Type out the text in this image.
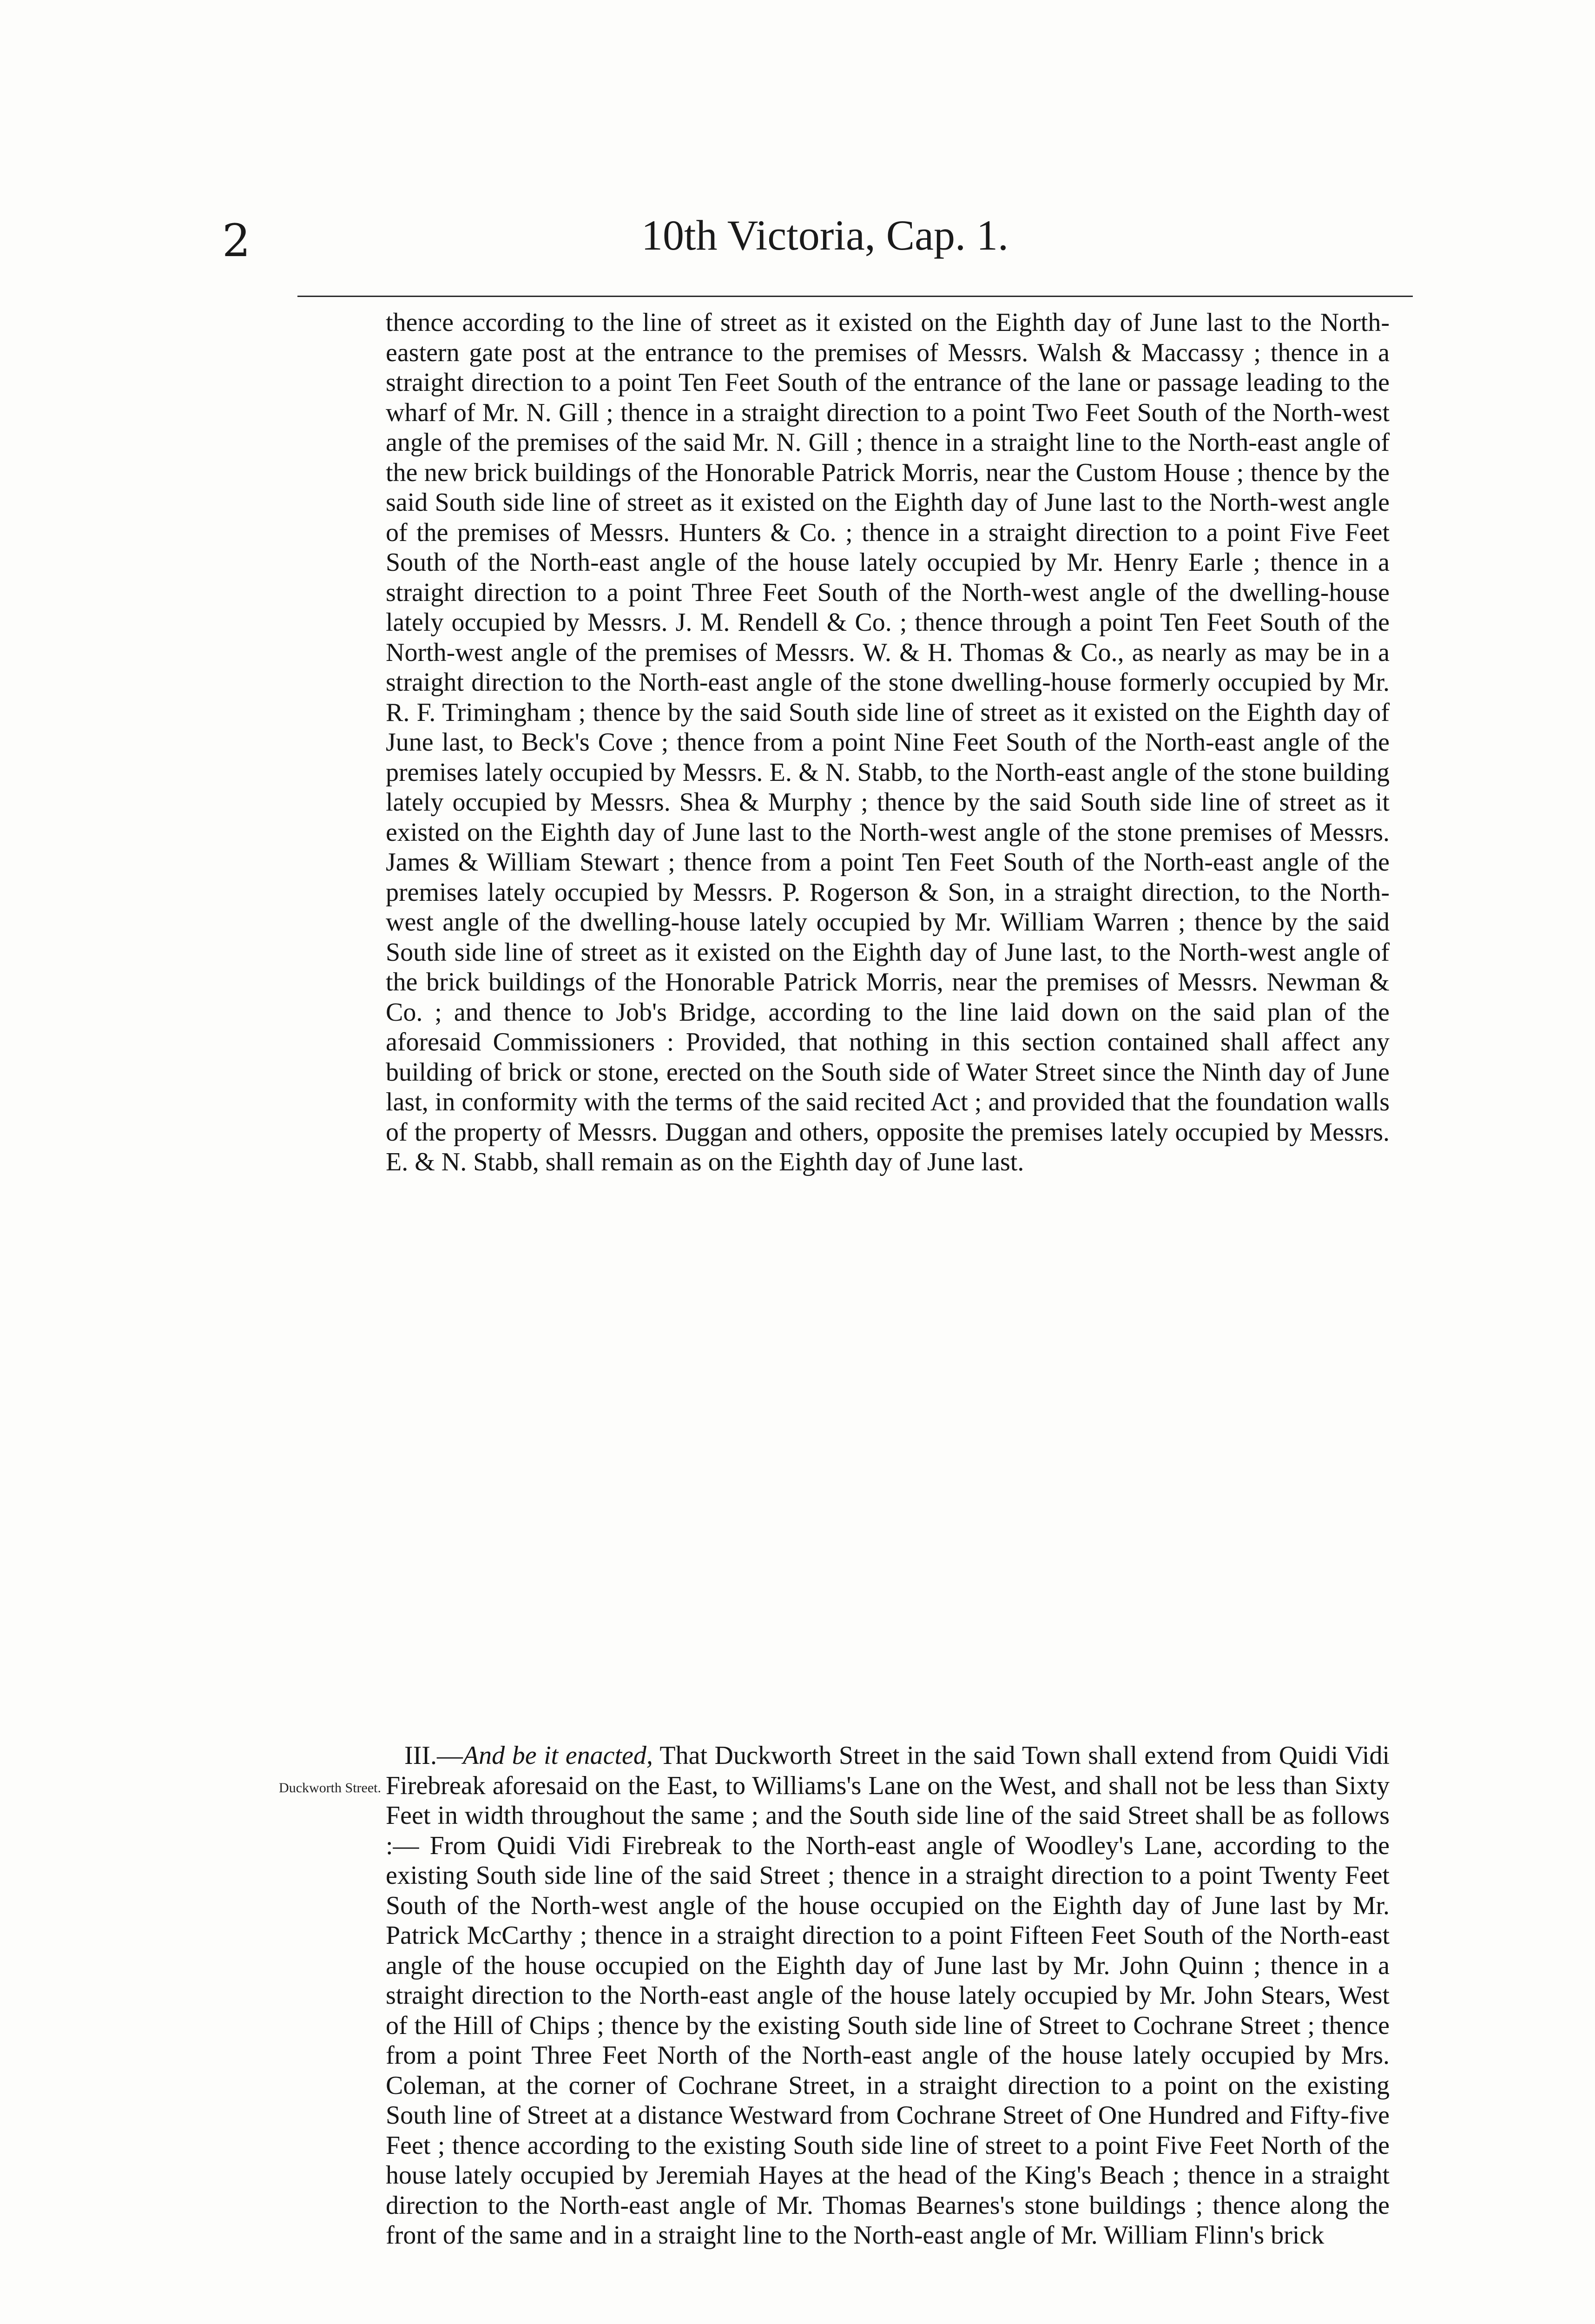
2	10th Victoria, Cap. 1.
thence according to the line of street as it existed on the Eighth day of June last to the North-eastern gate post at the entrance to the premises of Messrs. Walsh & Maccassy ; thence in a straight direction to a point Ten Feet South of the entrance of the lane or passage leading to the wharf of Mr. N. Gill ; thence in a straight direction to a point Two Feet South of the North-west angle of the premises of the said Mr. N. Gill ; thence in a straight line to the North-east angle of the new brick buildings of the Honorable Patrick Morris, near the Custom House ; thence by the said South side line of street as it existed on the Eighth day of June last to the North-west angle of the premises of Messrs. Hunters & Co. ; thence in a straight direction to a point Five Feet South of the North-east angle of the house lately occupied by Mr. Henry Earle ; thence in a straight direction to a point Three Feet South of the North-west angle of the dwelling-house lately occupied by Messrs. J. M. Rendell & Co. ; thence through a point Ten Feet South of the North-west angle of the premises of Messrs. W. & H. Thomas & Co., as nearly as may be in a straight direction to the North-east angle of the stone dwelling-house formerly occupied by Mr. R. F. Trimingham ; thence by the said South side line of street as it existed on the Eighth day of June last, to Beck's Cove ; thence from a point Nine Feet South of the North-east angle of the premises lately occupied by Messrs. E. & N. Stabb, to the North-east angle of the stone building lately occupied by Messrs. Shea & Murphy ; thence by the said South side line of street as it existed on the Eighth day of June last to the North-west angle of the stone premises of Messrs. James & William Stewart ; thence from a point Ten Feet South of the North-east angle of the premises lately occupied by Messrs. P. Rogerson & Son, in a straight direction, to the North-west angle of the dwelling-house lately occupied by Mr. William Warren ; thence by the said South side line of street as it existed on the Eighth day of June last, to the North-west angle of the brick buildings of the Honorable Patrick Morris, near the premises of Messrs. Newman & Co. ; and thence to Job's Bridge, according to the line laid down on the said plan of the aforesaid Commissioners : Provided, that nothing in this section contained shall affect any building of brick or stone, erected on the South side of Water Street since the Ninth day of June last, in conformity with the terms of the said recited Act ; and provided that the foundation walls of the property of Messrs. Duggan and others, opposite the premises lately occupied by Messrs. E. & N. Stabb, shall remain as on the Eighth day of June last.
Duckworth Street.
III.—And be it enacted, That Duckworth Street in the said Town shall extend from Quidi Vidi Firebreak aforesaid on the East, to Williams's Lane on the West, and shall not be less than Sixty Feet in width throughout the same ; and the South side line of the said Street shall be as follows :— From Quidi Vidi Firebreak to the North-east angle of Woodley's Lane, according to the existing South side line of the said Street ; thence in a straight direction to a point Twenty Feet South of the North-west angle of the house occupied on the Eighth day of June last by Mr. Patrick McCarthy ; thence in a straight direction to a point Fifteen Feet South of the North-east angle of the house occupied on the Eighth day of June last by Mr. John Quinn ; thence in a straight direction to the North-east angle of the house lately occupied by Mr. John Stears, West of the Hill of Chips ; thence by the existing South side line of Street to Cochrane Street ; thence from a point Three Feet North of the North-east angle of the house lately occupied by Mrs. Coleman, at the corner of Cochrane Street, in a straight direction to a point on the existing South line of Street at a distance Westward from Cochrane Street of One Hundred and Fifty-five Feet ; thence according to the existing South side line of street to a point Five Feet North of the house lately occupied by Jeremiah Hayes at the head of the King's Beach ; thence in a straight direction to the North-east angle of Mr. Thomas Bearnes's stone buildings ; thence along the front of the same and in a straight line to the North-east angle of Mr. William Flinn's brick
